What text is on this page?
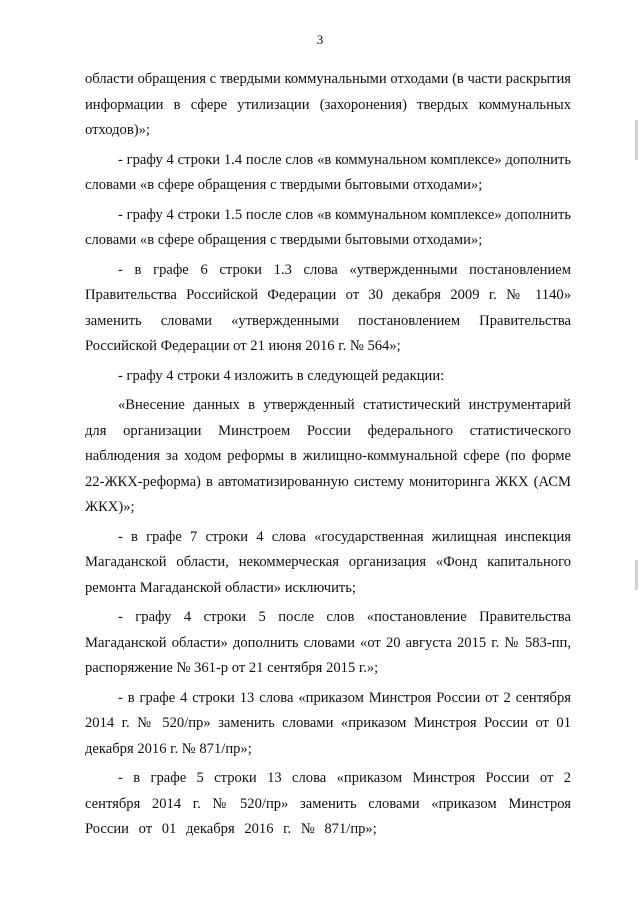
3

области обращения с твердыми коммунальными отходами (в части раскрытия информации в сфере утилизации (захоронения) твердых коммунальных отходов)»;

- графу 4 строки 1.4 после слов «в коммунальном комплексе» дополнить словами «в сфере обращения с твердыми бытовыми отходами»;

- графу 4 строки 1.5 после слов «в коммунальном комплексе» дополнить словами «в сфере обращения с твердыми бытовыми отходами»;

- в графе 6 строки 1.3 слова «утвержденными постановлением Правительства Российской Федерации от 30 декабря 2009 г. № 1140» заменить словами «утвержденными постановлением Правительства Российской Федерации от 21 июня 2016 г. № 564»;

- графу 4 строки 4 изложить в следующей редакции:

«Внесение данных в утвержденный статистический инструментарий для организации Минстроем России федерального статистического наблюдения за ходом реформы в жилищно-коммунальной сфере (по форме 22-ЖКХ-реформа) в автоматизированную систему мониторинга ЖКХ (АСМ ЖКХ)»;

- в графе 7 строки 4 слова «государственная жилищная инспекция Магаданской области, некоммерческая организация «Фонд капитального ремонта Магаданской области» исключить;

- графу 4 строки 5 после слов «постановление Правительства Магаданской области» дополнить словами «от 20 августа 2015 г. № 583-пп, распоряжение № 361-р от 21 сентября 2015 г.»;

- в графе 4 строки 13 слова «приказом Минстроя России от 2 сентября 2014 г. № 520/пр» заменить словами «приказом Минстроя России от 01 декабря 2016 г. № 871/пр»;

- в графе 5 строки 13 слова «приказом Минстроя России от 2 сентября 2014 г. № 520/пр» заменить словами «приказом Минстроя России от 01 декабря 2016 г. № 871/пр»;
